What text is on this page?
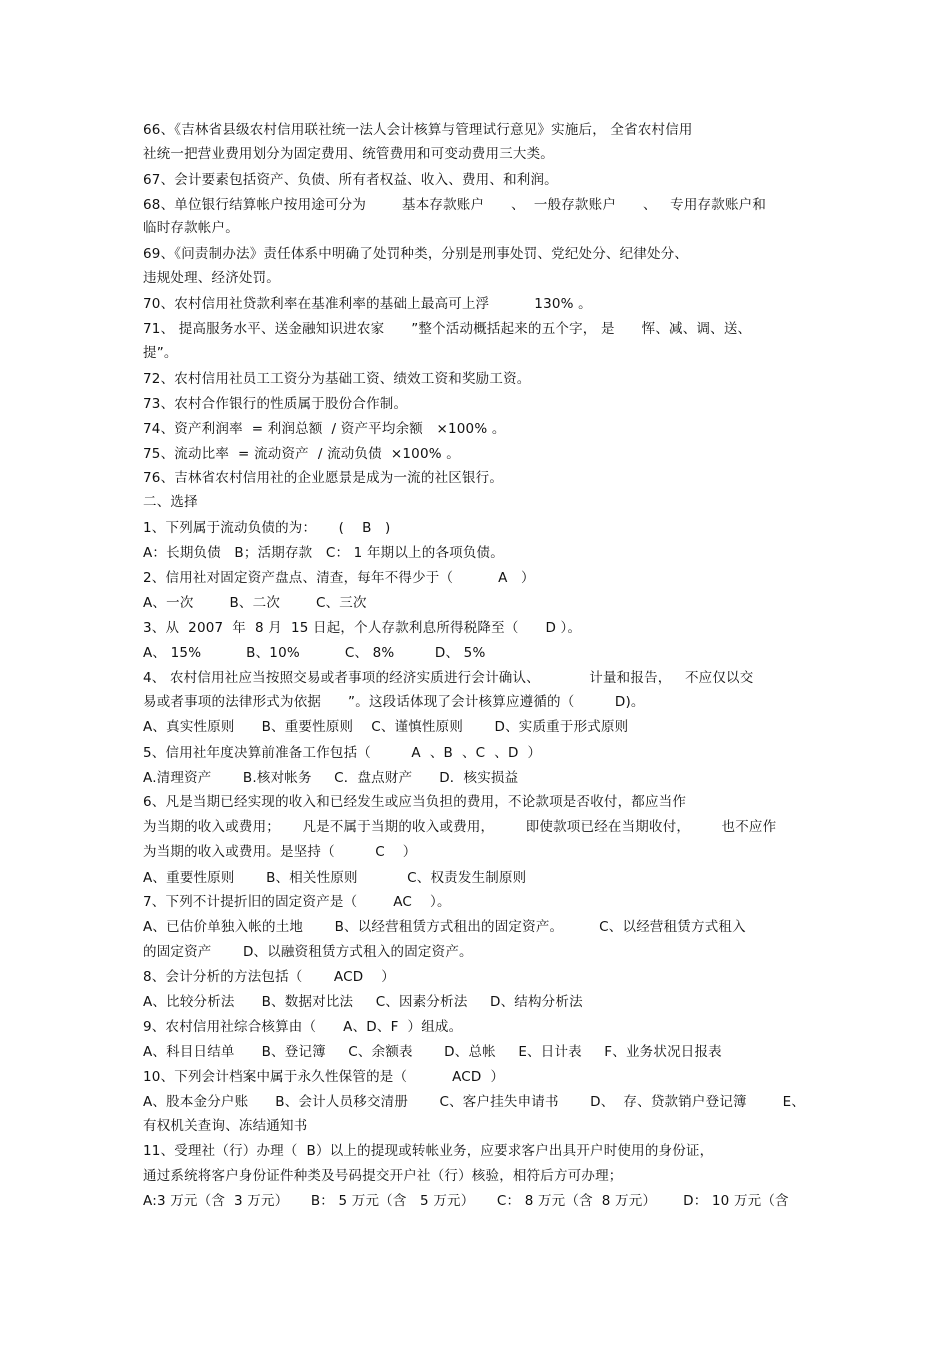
66、《吉林省县级农村信用联社统一法人会计核算与管理试行意见》实施后， 全省农村信用
社统一把营业费用划分为固定费用、统管费用和可变动费用三大类。
67、会计要素包括资产、负债、所有者权益、收入、费用、和利润。
68、单位银行结算帐户按用途可分为        基本存款账户      、  一般存款账户      、   专用存款账户和
临时存款帐户。
69、《问责制办法》责任体系中明确了处罚种类，分别是刑事处罚、党纪处分、纪律处分、
违规处理、经济处罚。
70、农村信用社贷款利率在基准利率的基础上最高可上浮          130% 。
71、 提高服务水平、送金融知识进农家      ”整个活动概括起来的五个字， 是      恽、减、调、送、
提”。
72、农村信用社员工工资分为基础工资、绩效工资和奖励工资。
73、农村合作银行的性质属于股份合作制。
74、资产利润率  = 利润总额  / 资产平均余额   ×100% 。
75、流动比率  = 流动资产  / 流动负债  ×100% 。
76、吉林省农村信用社的企业愿景是成为一流的社区银行。
二、选择
1、下列属于流动负债的为：     (    B   )
A：长期负债   B；活期存款   C： 1 年期以上的各项负债。
2、信用社对固定资产盘点、清查，每年不得少于（          A   ）
A、一次        B、二次        C、三次
3、从  2007  年  8 月  15 日起，个人存款利息所得税降至（      D ）。
A、 15%          B、10%          C、 8%         D、 5%
4、 农村信用社应当按照交易或者事项的经济实质进行会计确认、           计量和报告，   不应仅以交
易或者事项的法律形式为依据      ”。这段话体现了会计核算应遵循的（         D)。
A、真实性原则      B、重要性原则    C、谨慎性原则       D、实质重于形式原则
5、信用社年度决算前准备工作包括（         A  、B  、C  、D  ）
A.清理资产       B.核对帐务     C．盘点财产      D．核实损益
6、凡是当期已经实现的收入和已经发生或应当负担的费用，不论款项是否收付，都应当作
为当期的收入或费用；     凡是不属于当期的收入或费用，       即使款项已经在当期收付，       也不应作
为当期的收入或费用。是坚持（         C    ）
A、重要性原则       B、相关性原则           C、权责发生制原则
7、下列不计提折旧的固定资产是（        AC    ）。
A、已估价单独入帐的土地       B、以经营租赁方式租出的固定资产。        C、以经营租赁方式租入
的固定资产       D、以融资租赁方式租入的固定资产。
8、会计分析的方法包括（       ACD    ）
A、比较分析法      B、数据对比法     C、因素分析法     D、结构分析法
9、农村信用社综合核算由（      A、D、F  ）组成。
A、科目日结单      B、登记簿     C、余额表       D、总帐     E、日计表     F、业务状况日报表
10、下列会计档案中属于永久性保管的是（          ACD  ）
A、股本金分户账      B、会计人员移交清册       C、客户挂失申请书       D、  存、贷款销户登记簿        E、
有权机关查询、冻结通知书
11、受理社（行）办理（  B）以上的提现或转帐业务，应要求客户出具开户时使用的身份证，
通过系统将客户身份证件种类及号码提交开户社（行）核验，相符后方可办理；
A:3 万元（含  3 万元）     B： 5 万元（含   5 万元）     C： 8 万元（含  8 万元）      D： 10 万元（含
